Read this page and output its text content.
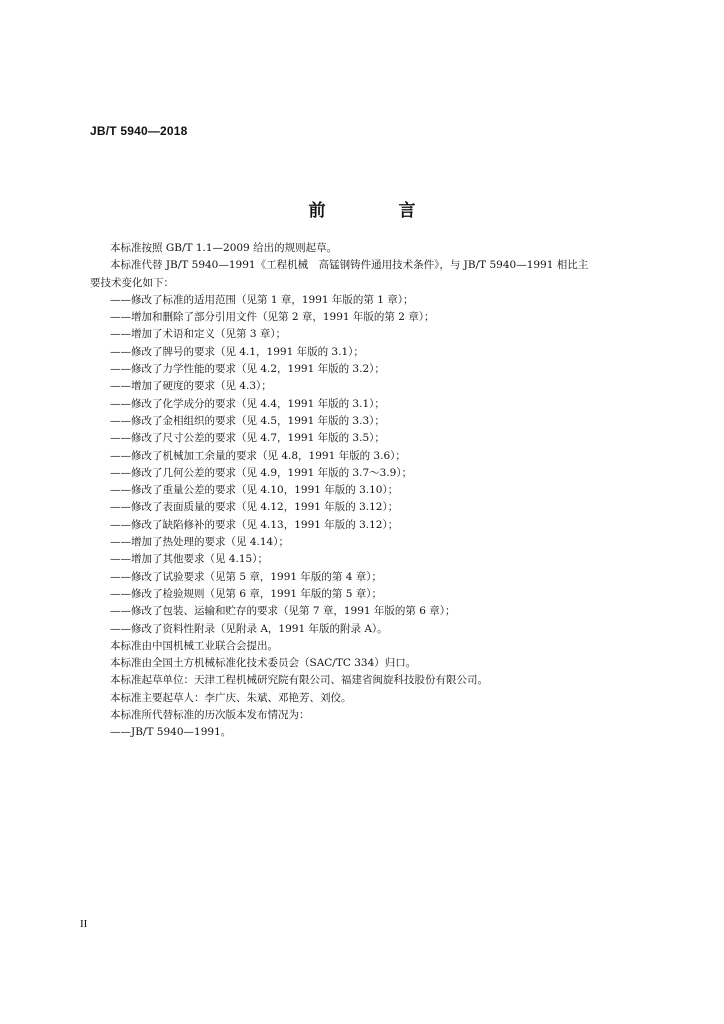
JB/T 5940—2018
前　言

本标准按照 GB/T 1.1—2009 给出的规则起草。

本标准代替 JB/T 5940—1991《工程机械　高锰钢铸件通用技术条件》，与 JB/T 5940—1991 相比主

要技术变化如下：

——修改了标准的适用范围（见第 1 章，1991 年版的第 1 章）；

——增加和删除了部分引用文件（见第 2 章，1991 年版的第 2 章）；

——增加了术语和定义（见第 3 章）；

——修改了牌号的要求（见 4.1，1991 年版的 3.1）；

——修改了力学性能的要求（见 4.2，1991 年版的 3.2）；

——增加了硬度的要求（见 4.3）；

——修改了化学成分的要求（见 4.4，1991 年版的 3.1）；

——修改了金相组织的要求（见 4.5，1991 年版的 3.3）；

——修改了尺寸公差的要求（见 4.7，1991 年版的 3.5）；

——修改了机械加工余量的要求（见 4.8，1991 年版的 3.6）；

——修改了几何公差的要求（见 4.9，1991 年版的 3.7～3.9）；

——修改了重量公差的要求（见 4.10，1991 年版的 3.10）；

——修改了表面质量的要求（见 4.12，1991 年版的 3.12）；

——修改了缺陷修补的要求（见 4.13，1991 年版的 3.12）；

——增加了热处理的要求（见 4.14）；

——增加了其他要求（见 4.15）；

——修改了试验要求（见第 5 章，1991 年版的第 4 章）；

——修改了检验规则（见第 6 章，1991 年版的第 5 章）；

——修改了包装、运输和贮存的要求（见第 7 章，1991 年版的第 6 章）；

——修改了资料性附录（见附录 A，1991 年版的附录 A）。

本标准由中国机械工业联合会提出。

本标准由全国土方机械标准化技术委员会（SAC/TC 334）归口。

本标准起草单位：天津工程机械研究院有限公司、福建省闽旋科技股份有限公司。

本标准主要起草人：李广庆、朱斌、邓艳芳、刘佼。

本标准所代替标准的历次版本发布情况为：

——JB/T 5940—1991。

II
